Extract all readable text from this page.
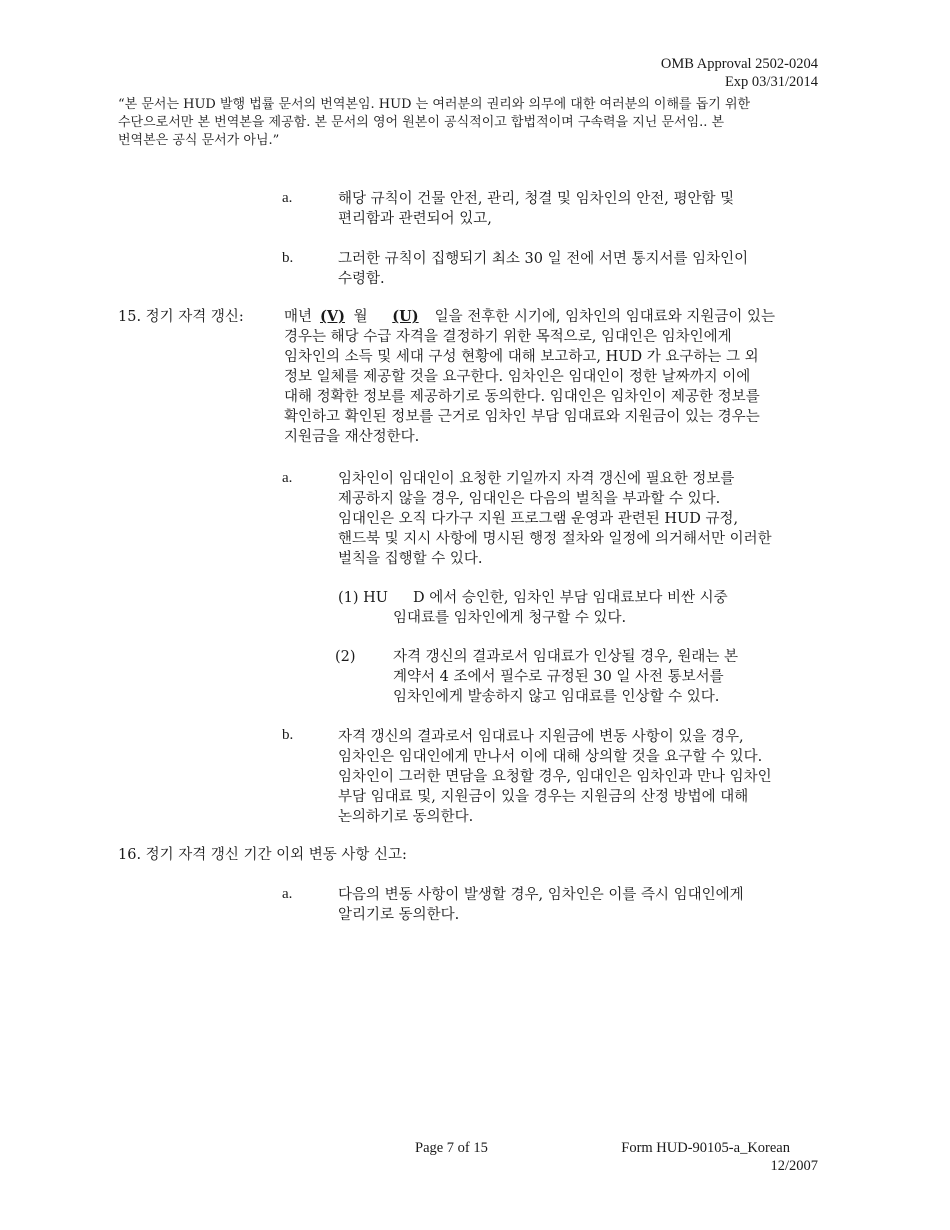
OMB Approval 2502-0204
Exp 03/31/2014
“본 문서는 HUD 발행 법률 문서의 번역본임. HUD 는 여러분의 권리와 의무에 대한 여러분의 이해를 돕기 위한
수단으로서만 본 번역본을 제공함. 본 문서의 영어 원본이 공식적이고 합법적이며 구속력을 지닌 문서임.. 본
번역본은 공식 문서가 아님.”
a.	해당 규칙이 건물 안전, 관리, 청결 및 임차인의 안전, 평안함 및
편리함과 관련되어 있고,
b.	그러한 규칙이 집행되기 최소 30 일 전에 서면 통지서를 임차인이
수령함.
15. 정기 자격 갱신:	매년 (V) 월 (U) 일을 전후한 시기에, 임차인의 임대료와 지원금이 있는
경우는 해당 수급 자격을 결정하기 위한 목적으로, 임대인은 임차인에게
임차인의 소득 및 세대 구성 현황에 대해 보고하고, HUD 가 요구하는 그 외
정보 일체를 제공할 것을 요구한다. 임차인은 임대인이 정한 날짜까지 이에
대해 정확한 정보를 제공하기로 동의한다. 임대인은 임차인이 제공한 정보를
확인하고 확인된 정보를 근거로 임차인 부담 임대료와 지원금이 있는 경우는
지원금을 재산정한다.
a.	임차인이 임대인이 요청한 기일까지 자격 갱신에 필요한 정보를
제공하지 않을 경우, 임대인은 다음의 벌칙을 부과할 수 있다.
임대인은 오직 다가구 지원 프로그램 운영과 관련된 HUD 규정,
핸드북 및 지시 사항에 명시된 행정 절차와 일정에 의거해서만 이러한
벌칙을 집행할 수 있다.
(1) HU D 에서 승인한, 임차인 부담 임대료보다 비싼 시중
임대료를 임차인에게 청구할 수 있다.
(2)	자격 갱신의 결과로서 임대료가 인상될 경우, 원래는 본
계약서 4 조에서 필수로 규정된 30 일 사전 통보서를
임차인에게 발송하지 않고 임대료를 인상할 수 있다.
b.	자격 갱신의 결과로서 임대료나 지원금에 변동 사항이 있을 경우,
임차인은 임대인에게 만나서 이에 대해 상의할 것을 요구할 수 있다.
임차인이 그러한 면담을 요청할 경우, 임대인은 임차인과 만나 임차인
부담 임대료 및, 지원금이 있을 경우는 지원금의 산정 방법에 대해
논의하기로 동의한다.
16. 정기 자격 갱신 기간 이외 변동 사항 신고:
a.	다음의 변동 사항이 발생할 경우, 임차인은 이를 즉시 임대인에게
알리기로 동의한다.
Page 7 of 15	Form HUD-90105-a_Korean
12/2007
